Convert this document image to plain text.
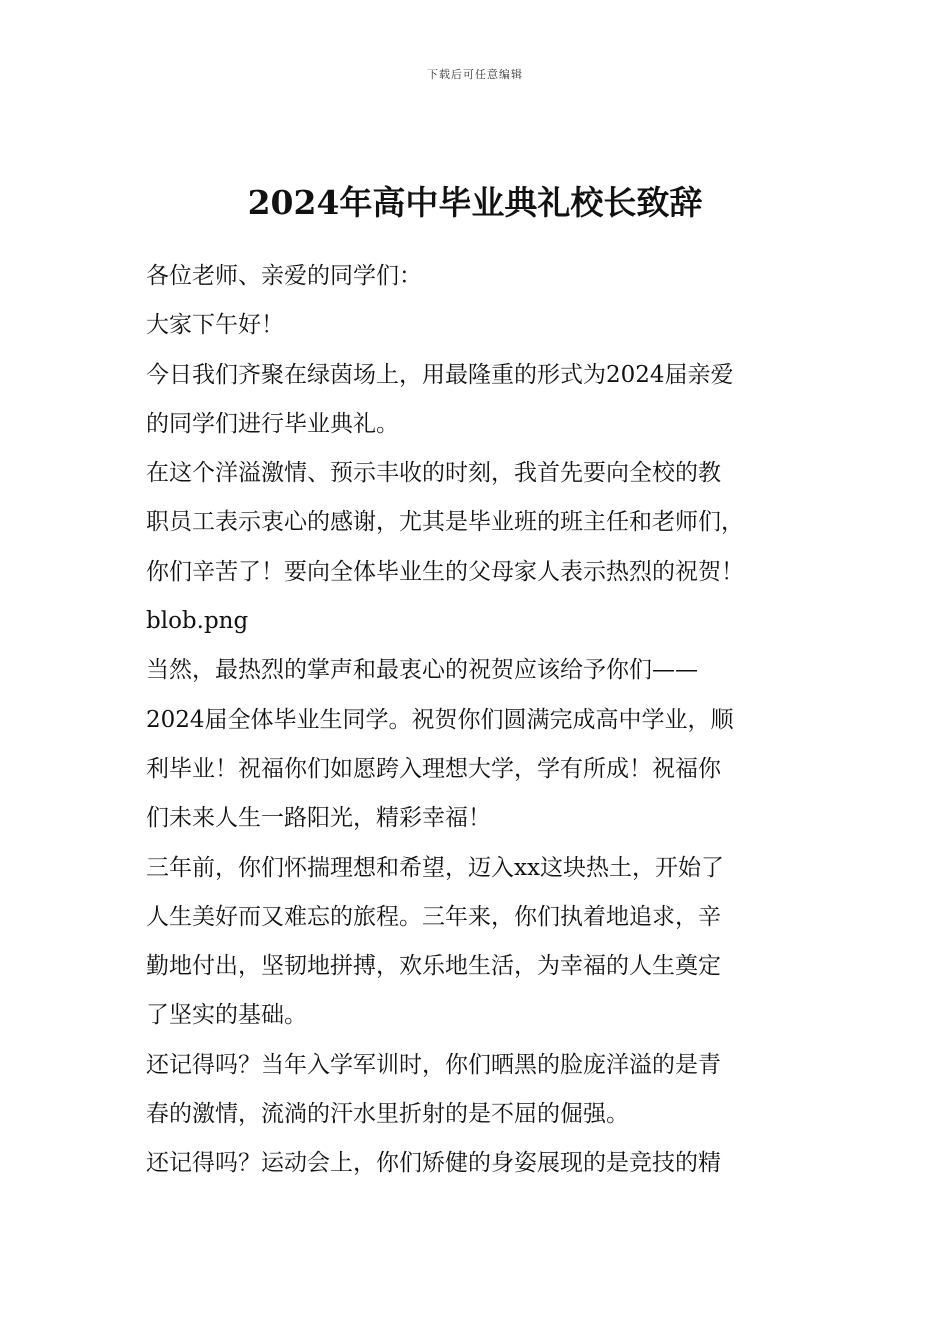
下载后可任意编辑
2024年高中毕业典礼校长致辞
各位老师、亲爱的同学们：
大家下午好！
今日我们齐聚在绿茵场上，用最隆重的形式为2024届亲爱
的同学们进行毕业典礼。
在这个洋溢激情、预示丰收的时刻，我首先要向全校的教
职员工表示衷心的感谢，尤其是毕业班的班主任和老师们，
你们辛苦了！要向全体毕业生的父母家人表示热烈的祝贺！
blob.png
当然，最热烈的掌声和最衷心的祝贺应该给予你们——
2024届全体毕业生同学。祝贺你们圆满完成高中学业，顺
利毕业！祝福你们如愿跨入理想大学，学有所成！祝福你
们未来人生一路阳光，精彩幸福！
三年前，你们怀揣理想和希望，迈入xx这块热土，开始了
人生美好而又难忘的旅程。三年来，你们执着地追求，辛
勤地付出，坚韧地拼搏，欢乐地生活，为幸福的人生奠定
了坚实的基础。
还记得吗？当年入学军训时，你们晒黑的脸庞洋溢的是青
春的激情，流淌的汗水里折射的是不屈的倔强。
还记得吗？运动会上，你们矫健的身姿展现的是竞技的精
